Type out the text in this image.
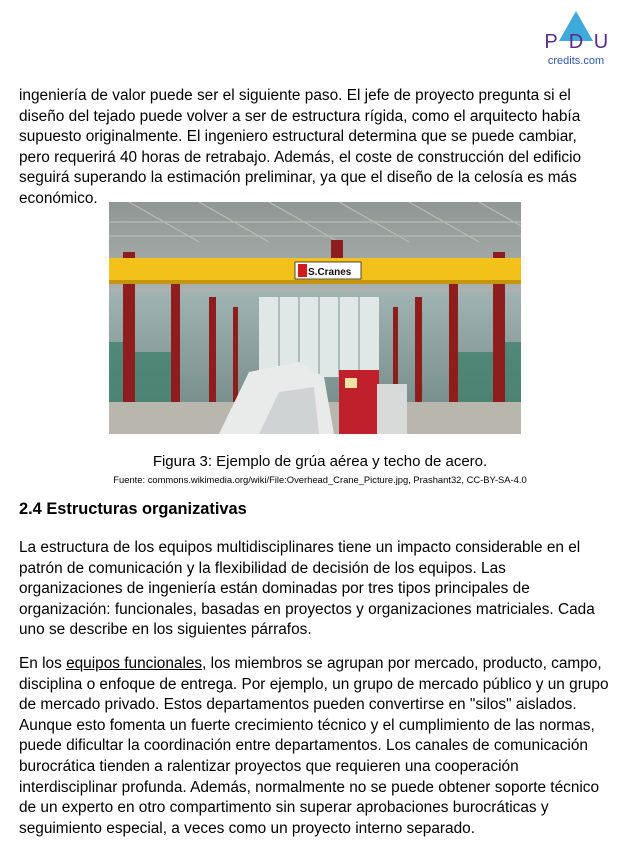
P D U
credits.com

ingeniería de valor puede ser el siguiente paso. El jefe de proyecto pregunta si el diseño del tejado puede volver a ser de estructura rígida, como el arquitecto había supuesto originalmente. El ingeniero estructural determina que se puede cambiar, pero requerirá 40 horas de retrabajo. Además, el coste de construcción del edificio seguirá superando la estimación preliminar, ya que el diseño de la celosía es más económico.

S.Cranes

Figura 3: Ejemplo de grúa aérea y techo de acero.

Fuente: commons.wikimedia.org/wiki/File:Overhead_Crane_Picture.jpg, Prashant32, CC-BY-SA-4.0

2.4 Estructuras organizativas

La estructura de los equipos multidisciplinares tiene un impacto considerable en el patrón de comunicación y la flexibilidad de decisión de los equipos. Las organizaciones de ingeniería están dominadas por tres tipos principales de organización: funcionales, basadas en proyectos y organizaciones matriciales. Cada uno se describe en los siguientes párrafos.

En los equipos funcionales, los miembros se agrupan por mercado, producto, campo, disciplina o enfoque de entrega. Por ejemplo, un grupo de mercado público y un grupo de mercado privado. Estos departamentos pueden convertirse en "silos" aislados. Aunque esto fomenta un fuerte crecimiento técnico y el cumplimiento de las normas, puede dificultar la coordinación entre departamentos. Los canales de comunicación burocrática tienden a ralentizar proyectos que requieren una cooperación interdisciplinar profunda. Además, normalmente no se puede obtener soporte técnico de un experto en otro compartimento sin superar aprobaciones burocráticas y seguimiento especial, a veces como un proyecto interno separado.
